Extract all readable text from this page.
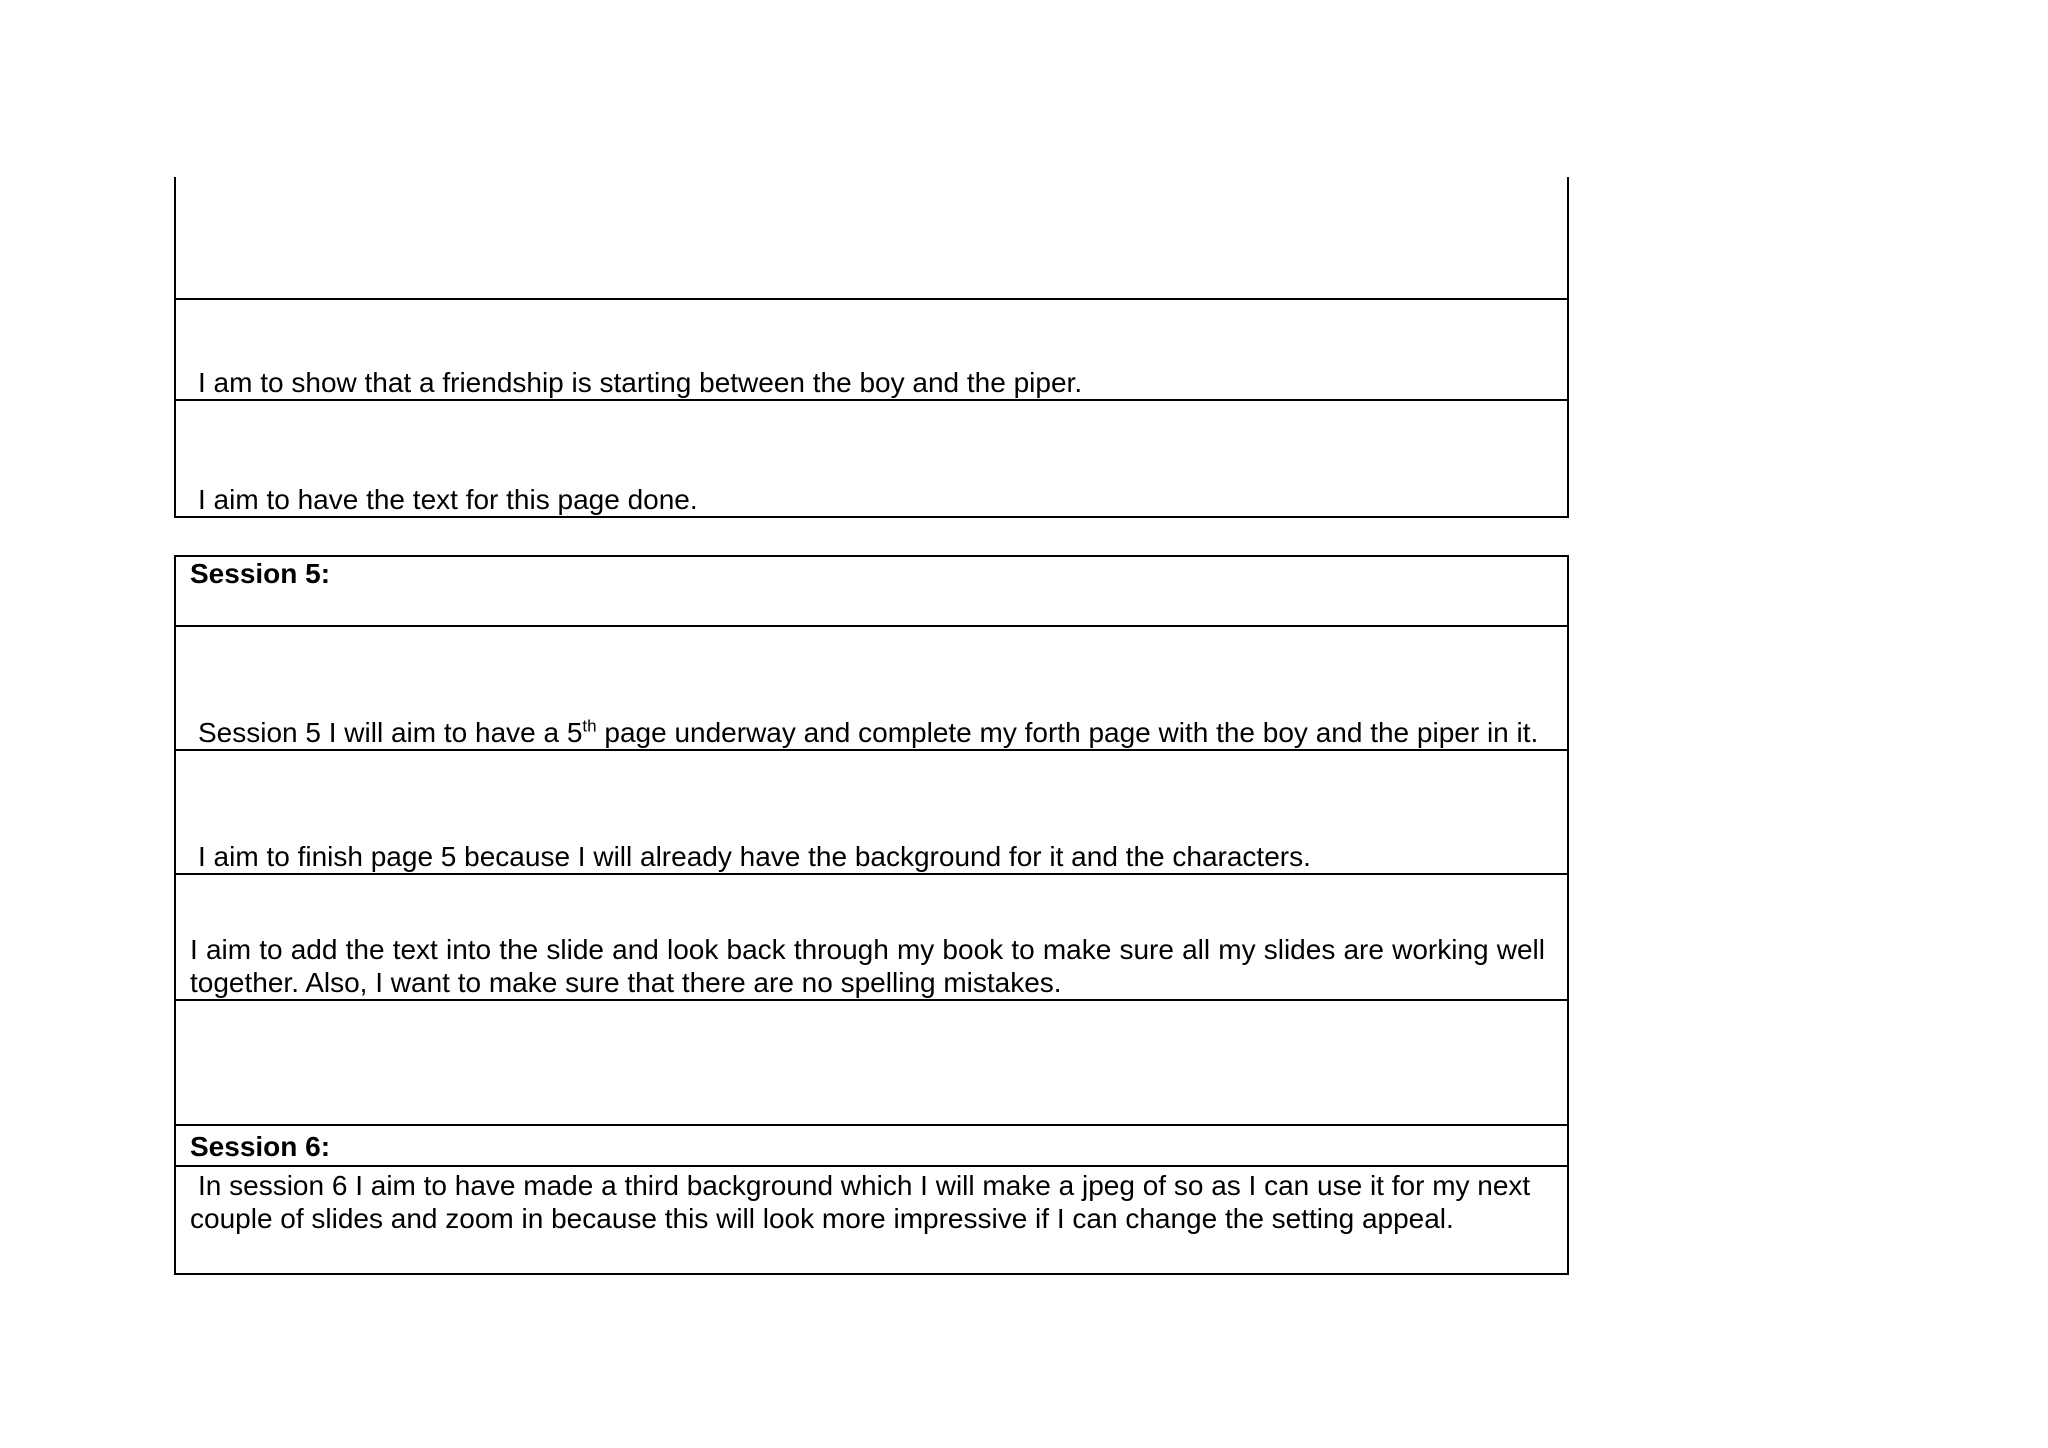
I am to show that a friendship is starting between the boy and the piper.
I aim to have the text for this page done.
Session 5:
Session 5 I will aim to have a 5th page underway and complete my forth page with the boy and the piper in it.
I aim to finish page 5 because I will already have the background for it and the characters.
I aim to add the text into the slide and look back through my book to make sure all my slides are working well together. Also, I want to make sure that there are no spelling mistakes.
Session 6:
In session 6 I aim to have made a third background which I will make a jpeg of so as I can use it for my next couple of slides and zoom in because this will look more impressive if I can change the setting appeal.
